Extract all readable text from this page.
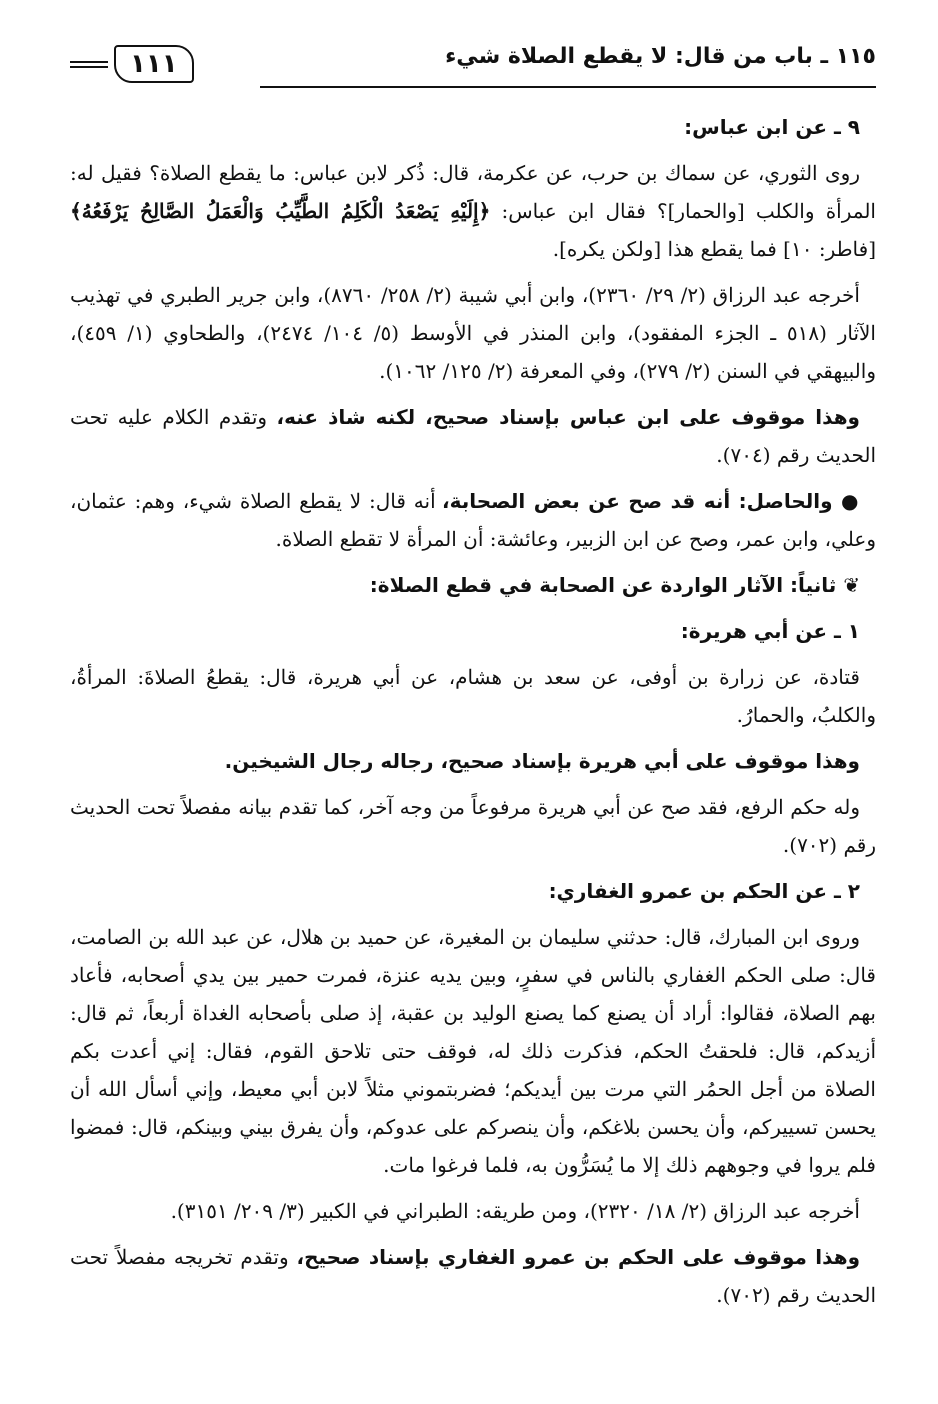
١١٥ ـ باب من قال: لا يقطع الصلاة شيء
١١١

٩ ـ عن ابن عباس:

روى الثوري، عن سماك بن حرب، عن عكرمة، قال: ذُكر لابن عباس: ما يقطع الصلاة؟ فقيل له: المرأة والكلب [والحمار]؟ فقال ابن عباس: ﴿إِلَيْهِ يَصْعَدُ الْكَلِمُ الطَّيِّبُ وَالْعَمَلُ الصَّالِحُ يَرْفَعُهُ﴾ [فاطر: ١٠] فما يقطع هذا [ولكن يكره].

أخرجه عبد الرزاق (٢/ ٢٩/ ٢٣٦٠)، وابن أبي شيبة (٢/ ٢٥٨/ ٨٧٦٠)، وابن جرير الطبري في تهذيب الآثار (٥١٨ ـ الجزء المفقود)، وابن المنذر في الأوسط (٥/ ١٠٤/ ٢٤٧٤)، والطحاوي (١/ ٤٥٩)، والبيهقي في السنن (٢/ ٢٧٩)، وفي المعرفة (٢/ ١٢٥/ ١٠٦٢).

وهذا موقوف على ابن عباس بإسناد صحيح، لكنه شاذ عنه، وتقدم الكلام عليه تحت الحديث رقم (٧٠٤).

● والحاصل: أنه قد صح عن بعض الصحابة، أنه قال: لا يقطع الصلاة شيء، وهم: عثمان، وعلي، وابن عمر، وصح عن ابن الزبير، وعائشة: أن المرأة لا تقطع الصلاة.

❦ ثانياً: الآثار الواردة عن الصحابة في قطع الصلاة:

١ ـ عن أبي هريرة:

قتادة، عن زرارة بن أوفى، عن سعد بن هشام، عن أبي هريرة، قال: يقطعُ الصلاةَ: المرأةُ، والكلبُ، والحمارُ.

وهذا موقوف على أبي هريرة بإسناد صحيح، رجاله رجال الشيخين.

وله حكم الرفع، فقد صح عن أبي هريرة مرفوعاً من وجه آخر، كما تقدم بيانه مفصلاً تحت الحديث رقم (٧٠٢).

٢ ـ عن الحكم بن عمرو الغفاري:

وروى ابن المبارك، قال: حدثني سليمان بن المغيرة، عن حميد بن هلال، عن عبد الله بن الصامت، قال: صلى الحكم الغفاري بالناس في سفرٍ، وبين يديه عنزة، فمرت حمير بين يدي أصحابه، فأعاد بهم الصلاة، فقالوا: أراد أن يصنع كما يصنع الوليد بن عقبة، إذ صلى بأصحابه الغداة أربعاً، ثم قال: أزيدكم، قال: فلحقتُ الحكم، فذكرت ذلك له، فوقف حتى تلاحق القوم، فقال: إني أعدت بكم الصلاة من أجل الحمُر التي مرت بين أيديكم؛ فضربتموني مثلاً لابن أبي معيط، وإني أسأل الله أن يحسن تسييركم، وأن يحسن بلاغكم، وأن ينصركم على عدوكم، وأن يفرق بيني وبينكم، قال: فمضوا فلم يروا في وجوههم ذلك إلا ما يُسَرُّون به، فلما فرغوا مات.

أخرجه عبد الرزاق (٢/ ١٨/ ٢٣٢٠)، ومن طريقه: الطبراني في الكبير (٣/ ٢٠٩/ ٣١٥١).

وهذا موقوف على الحكم بن عمرو الغفاري بإسناد صحيح، وتقدم تخريجه مفصلاً تحت الحديث رقم (٧٠٢).
